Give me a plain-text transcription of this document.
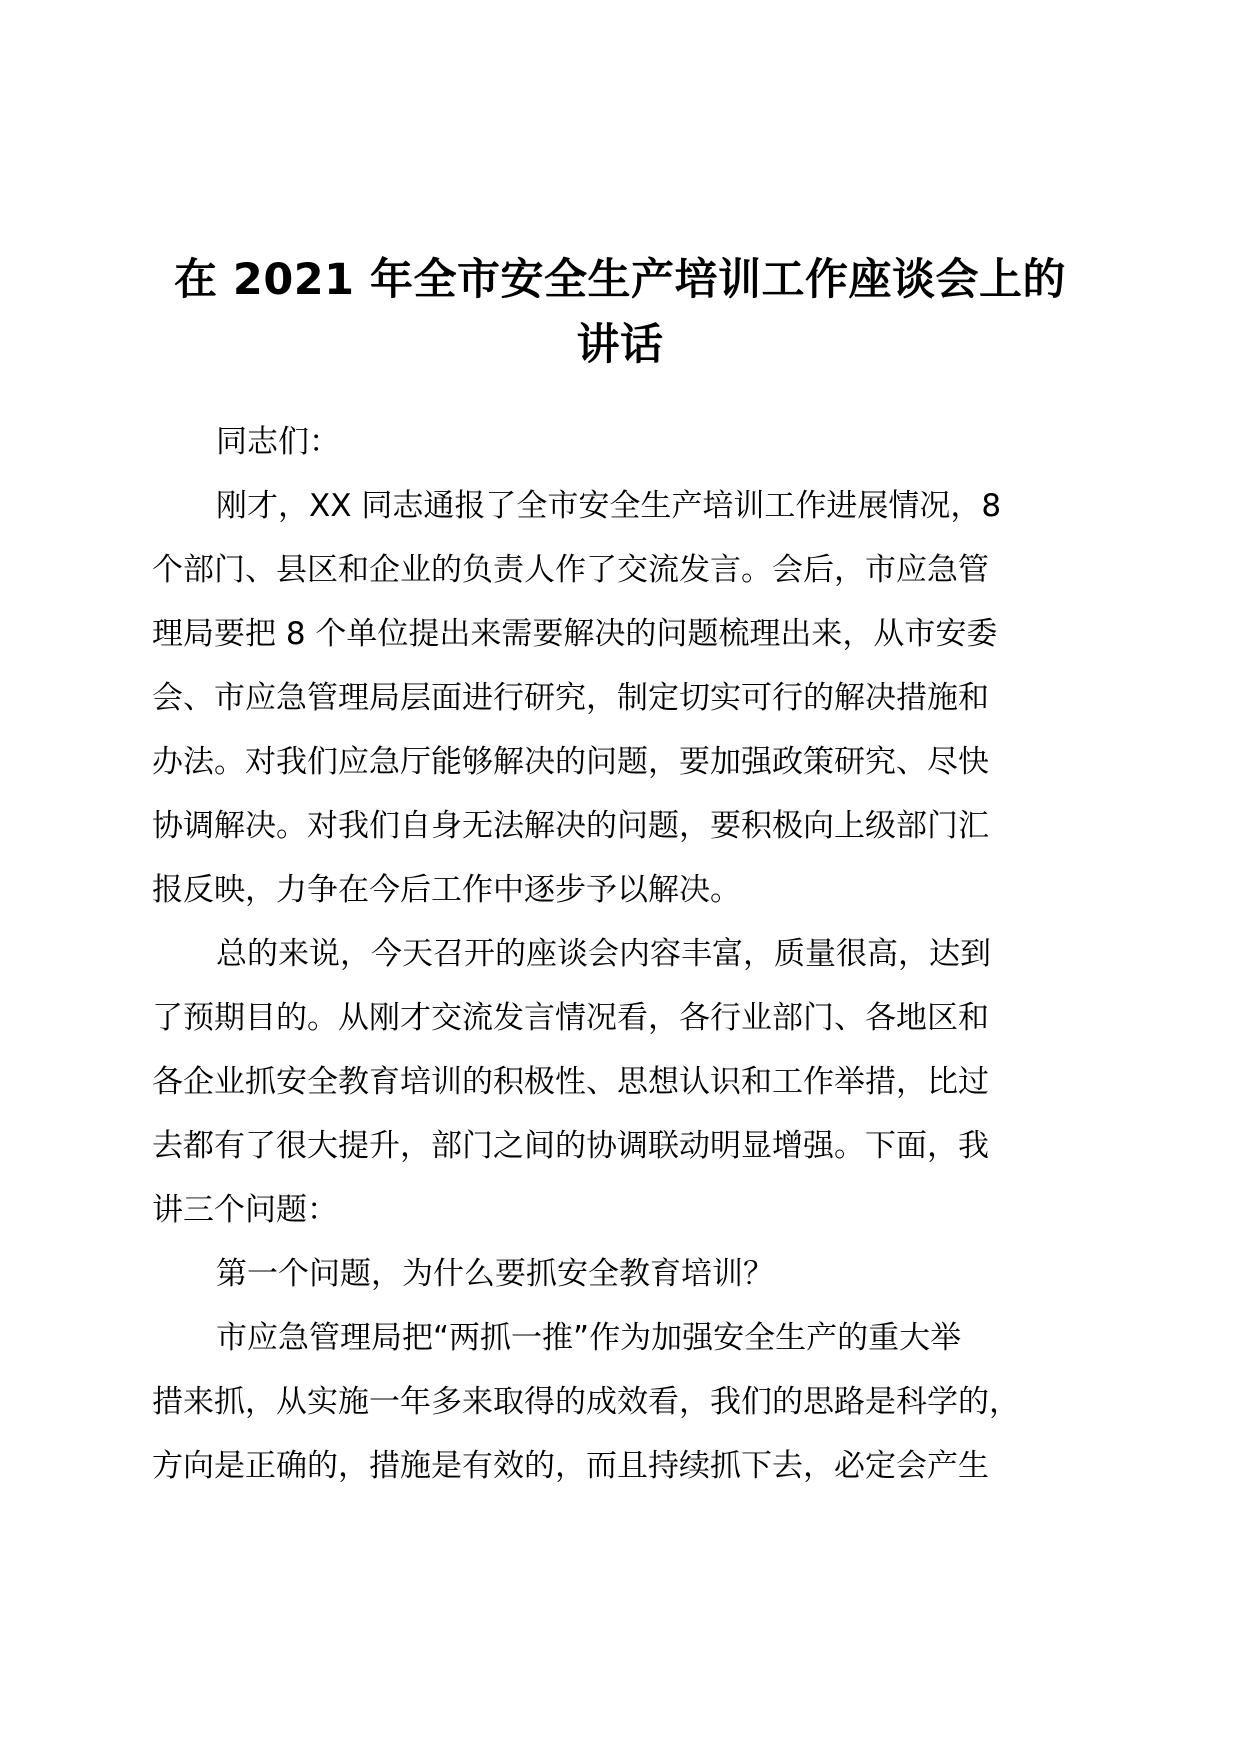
在 2021 年全市安全生产培训工作座谈会上的
讲话

同志们：

刚才，XX 同志通报了全市安全生产培训工作进展情况，8

个部门、县区和企业的负责人作了交流发言。会后，市应急管

理局要把 8 个单位提出来需要解决的问题梳理出来，从市安委

会、市应急管理局层面进行研究，制定切实可行的解决措施和

办法。对我们应急厅能够解决的问题，要加强政策研究、尽快

协调解决。对我们自身无法解决的问题，要积极向上级部门汇

报反映，力争在今后工作中逐步予以解决。

总的来说，今天召开的座谈会内容丰富，质量很高，达到

了预期目的。从刚才交流发言情况看，各行业部门、各地区和

各企业抓安全教育培训的积极性、思想认识和工作举措，比过

去都有了很大提升，部门之间的协调联动明显增强。下面，我

讲三个问题：

第一个问题，为什么要抓安全教育培训？

市应急管理局把“两抓一推”作为加强安全生产的重大举

措来抓，从实施一年多来取得的成效看，我们的思路是科学的，

方向是正确的，措施是有效的，而且持续抓下去，必定会产生
